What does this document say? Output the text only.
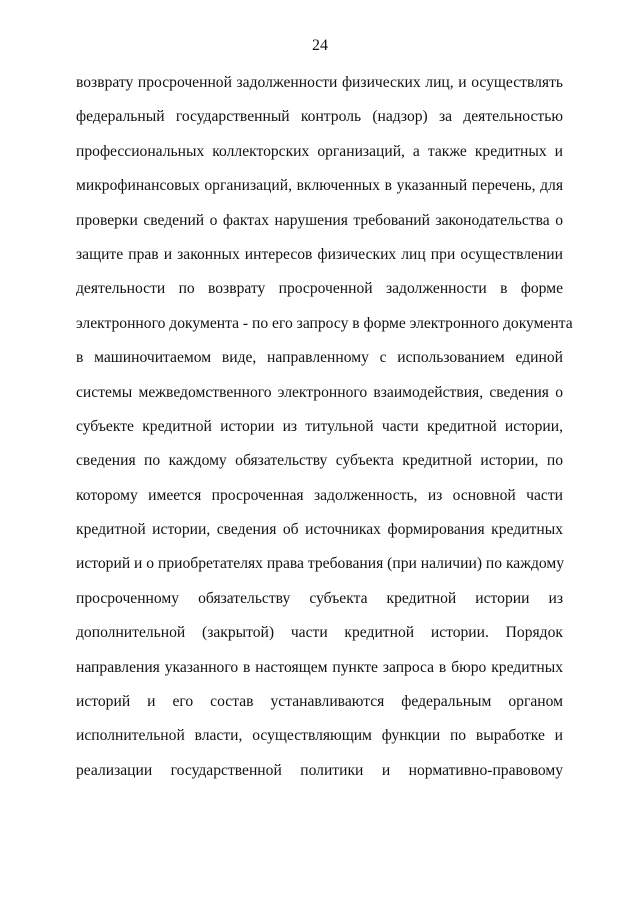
24
возврату просроченной задолженности физических лиц, и осуществлять
федеральный государственный контроль (надзор) за деятельностью
профессиональных коллекторских организаций, а также кредитных и
микрофинансовых организаций, включенных в указанный перечень, для
проверки сведений о фактах нарушения требований законодательства о
защите прав и законных интересов физических лиц при осуществлении
деятельности по возврату просроченной задолженности в форме
электронного документа - по его запросу в форме электронного документа
в машиночитаемом виде, направленному с использованием единой
системы межведомственного электронного взаимодействия, сведения о
субъекте кредитной истории из титульной части кредитной истории,
сведения по каждому обязательству субъекта кредитной истории, по
которому имеется просроченная задолженность, из основной части
кредитной истории, сведения об источниках формирования кредитных
историй и о приобретателях права требования (при наличии) по каждому
просроченному обязательству субъекта кредитной истории из
дополнительной (закрытой) части кредитной истории. Порядок
направления указанного в настоящем пункте запроса в бюро кредитных
историй и его состав устанавливаются федеральным органом
исполнительной власти, осуществляющим функции по выработке и
реализации государственной политики и нормативно-правовому
